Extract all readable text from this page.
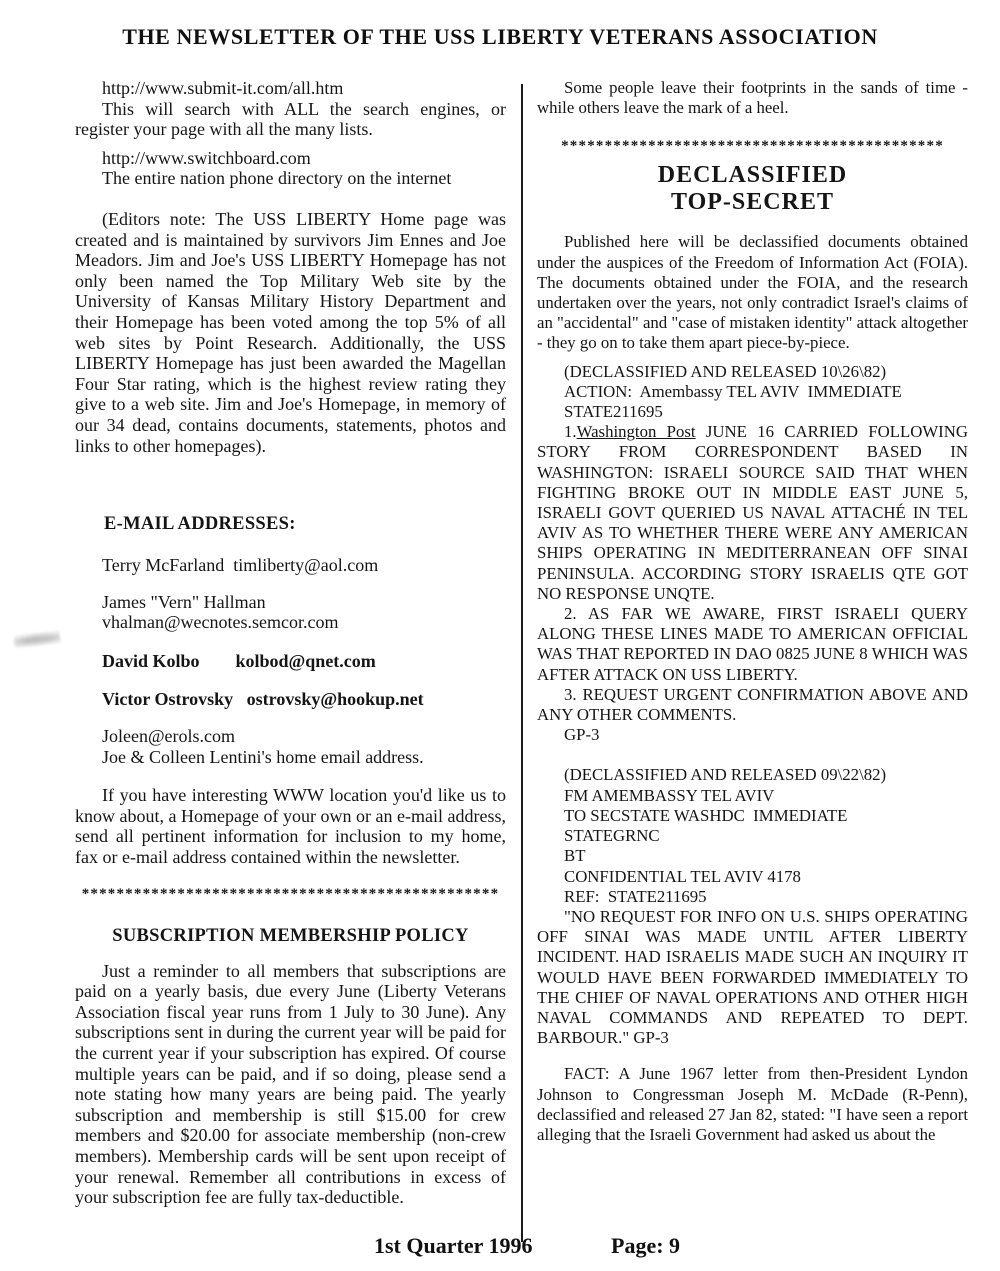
THE NEWSLETTER OF THE USS LIBERTY VETERANS ASSOCIATION

http://www.submit-it.com/all.htm

This will search with ALL the search engines, or register your page with all the many lists.

http://www.switchboard.com

The entire nation phone directory on the internet

(Editors note: The USS LIBERTY Home page was created and is maintained by survivors Jim Ennes and Joe Meadors. Jim and Joe's USS LIBERTY Homepage has not only been named the Top Military Web site by the University of Kansas Military History Department and their Homepage has been voted among the top 5% of all web sites by Point Research. Additionally, the USS LIBERTY Homepage has just been awarded the Magellan Four Star rating, which is the highest review rating they give to a web site. Jim and Joe's Homepage, in memory of our 34 dead, contains documents, statements, photos and links to other homepages).

E-MAIL ADDRESSES:

Terry McFarland  timliberty@aol.com

James "Vern" Hallman

vhalman@wecnotes.semcor.com

David Kolbo        kolbod@qnet.com

Victor Ostrovsky   ostrovsky@hookup.net

Joleen@erols.com

Joe & Colleen Lentini's home email address.

If you have interesting WWW location you'd like us to know about, a Homepage of your own or an e-mail address, send all pertinent information for inclusion to my home, fax or e-mail address contained within the newsletter.

************************************************
SUBSCRIPTION MEMBERSHIP POLICY

Just a reminder to all members that subscriptions are paid on a yearly basis, due every June (Liberty Veterans Association fiscal year runs from 1 July to 30 June). Any subscriptions sent in during the current year will be paid for the current year if your subscription has expired. Of course multiple years can be paid, and if so doing, please send a note stating how many years are being paid. The yearly subscription and membership is still $15.00 for crew members and $20.00 for associate membership (non-crew members). Membership cards will be sent upon receipt of your renewal. Remember all contributions in excess of your subscription fee are fully tax-deductible.

Some people leave their footprints in the sands of time - while others leave the mark of a heel.

********************************************
DECLASSIFIED
TOP-SECRET

Published here will be declassified documents obtained under the auspices of the Freedom of Information Act (FOIA). The documents obtained under the FOIA, and the research undertaken over the years, not only contradict Israel's claims of an "accidental" and "case of mistaken identity" attack altogether - they go on to take them apart piece-by-piece.

(DECLASSIFIED AND RELEASED 10\26\82)
ACTION:  Amembassy TEL AVIV  IMMEDIATE
STATE211695

1.Washington Post JUNE 16 CARRIED FOLLOWING STORY FROM CORRESPONDENT BASED IN WASHINGTON: ISRAELI SOURCE SAID THAT WHEN FIGHTING BROKE OUT IN MIDDLE EAST JUNE 5, ISRAELI GOVT QUERIED US NAVAL ATTACHÉ IN TEL AVIV AS TO WHETHER THERE WERE ANY AMERICAN SHIPS OPERATING IN MEDITERRANEAN OFF SINAI PENINSULA. ACCORDING STORY ISRAELIS QTE GOT NO RESPONSE UNQTE.

2. AS FAR WE AWARE, FIRST ISRAELI QUERY ALONG THESE LINES MADE TO AMERICAN OFFICIAL WAS THAT REPORTED IN DAO 0825 JUNE 8 WHICH WAS AFTER ATTACK ON USS LIBERTY.

3. REQUEST URGENT CONFIRMATION ABOVE AND ANY OTHER COMMENTS.

GP-3
(DECLASSIFIED AND RELEASED 09\22\82)
FM AMEMBASSY TEL AVIV
TO SECSTATE WASHDC  IMMEDIATE
STATEGRNC
BT
CONFIDENTIAL TEL AVIV 4178
REF:  STATE211695

"NO REQUEST FOR INFO ON U.S. SHIPS OPERATING OFF SINAI WAS MADE UNTIL AFTER LIBERTY INCIDENT. HAD ISRAELIS MADE SUCH AN INQUIRY IT WOULD HAVE BEEN FORWARDED IMMEDIATELY TO THE CHIEF OF NAVAL OPERATIONS AND OTHER HIGH NAVAL COMMANDS AND REPEATED TO DEPT. BARBOUR." GP-3

FACT: A June 1967 letter from then-President Lyndon Johnson to Congressman Joseph M. McDade (R-Penn), declassified and released 27 Jan 82, stated: "I have seen a report alleging that the Israeli Government had asked us about the

1st Quarter 1996	Page: 9
